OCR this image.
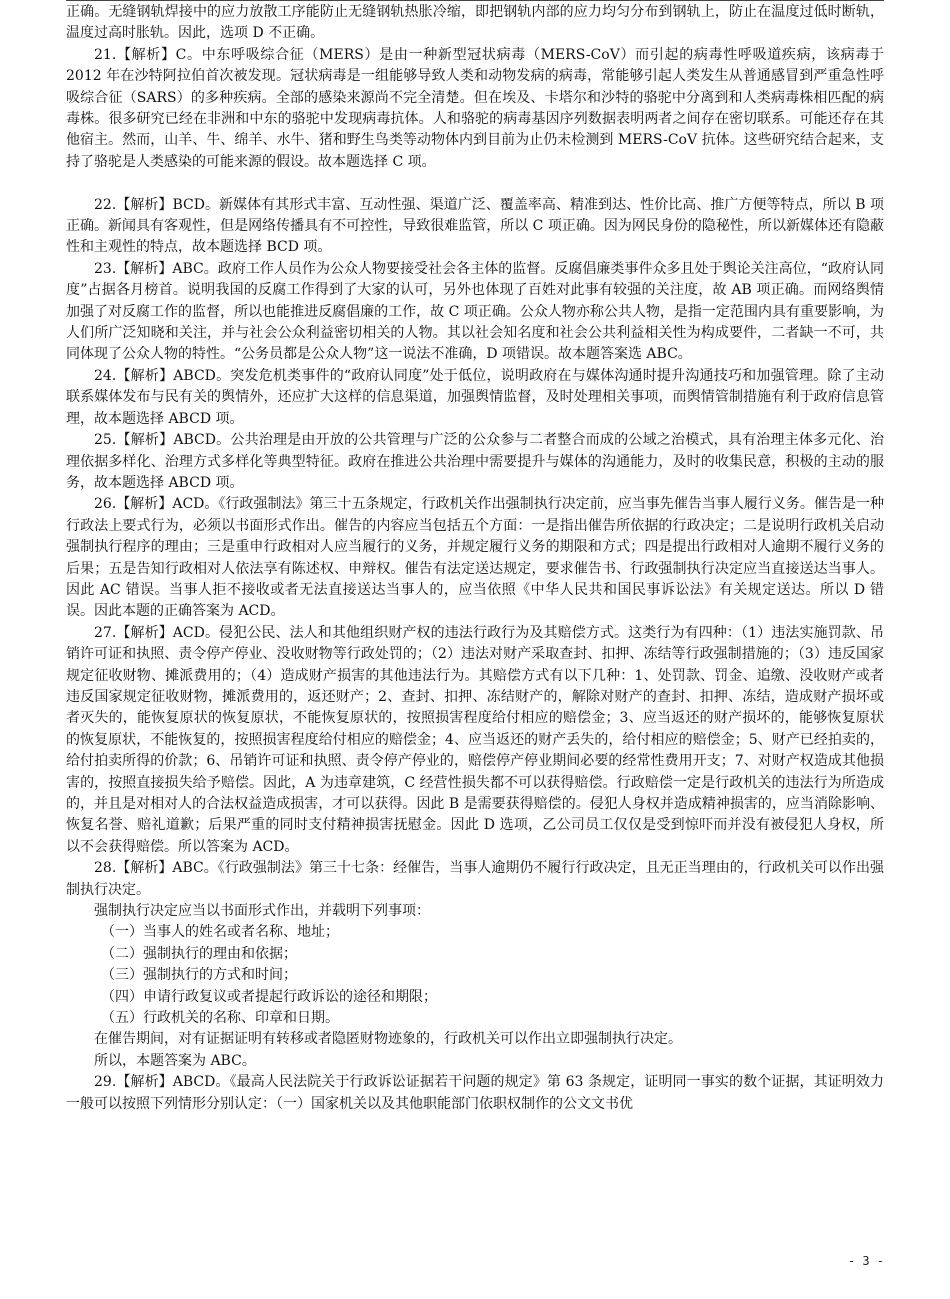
正确。无缝钢轨焊接中的应力放散工序能防止无缝钢轨热胀冷缩，即把钢轨内部的应力均匀分布到钢轨上，防止在温度过低时断轨，温度过高时胀轨。因此，选项 D 不正确。

21.【解析】C。中东呼吸综合征（MERS）是由一种新型冠状病毒（MERS-CoV）而引起的病毒性呼吸道疾病，该病毒于 2012 年在沙特阿拉伯首次被发现。冠状病毒是一组能够导致人类和动物发病的病毒，常能够引起人类发生从普通感冒到严重急性呼吸综合征（SARS）的多种疾病。全部的感染来源尚不完全清楚。但在埃及、卡塔尔和沙特的骆驼中分离到和人类病毒株相匹配的病毒株。很多研究已经在非洲和中东的骆驼中发现病毒抗体。人和骆驼的病毒基因序列数据表明两者之间存在密切联系。可能还存在其他宿主。然而，山羊、牛、绵羊、水牛、猪和野生鸟类等动物体内到目前为止仍未检测到 MERS-CoV 抗体。这些研究结合起来，支持了骆驼是人类感染的可能来源的假设。故本题选择 C 项。

22.【解析】BCD。新媒体有其形式丰富、互动性强、渠道广泛、覆盖率高、精准到达、性价比高、推广方便等特点，所以 B 项正确。新闻具有客观性，但是网络传播具有不可控性，导致很难监管，所以 C 项正确。因为网民身份的隐秘性，所以新媒体还有隐蔽性和主观性的特点，故本题选择 BCD 项。

23.【解析】ABC。政府工作人员作为公众人物要接受社会各主体的监督。反腐倡廉类事件众多且处于舆论关注高位，“政府认同度”占据各月榜首。说明我国的反腐工作得到了大家的认可，另外也体现了百姓对此事有较强的关注度，故 AB 项正确。而网络舆情加强了对反腐工作的监督，所以也能推进反腐倡廉的工作，故 C 项正确。公众人物亦称公共人物，是指一定范围内具有重要影响，为人们所广泛知晓和关注，并与社会公众利益密切相关的人物。其以社会知名度和社会公共利益相关性为构成要件，二者缺一不可，共同体现了公众人物的特性。“公务员都是公众人物”这一说法不准确，D 项错误。故本题答案选 ABC。

24.【解析】ABCD。突发危机类事件的“政府认同度”处于低位，说明政府在与媒体沟通时提升沟通技巧和加强管理。除了主动联系媒体发布与民有关的舆情外，还应扩大这样的信息渠道，加强舆情监督，及时处理相关事项，而舆情管制措施有利于政府信息管理，故本题选择 ABCD 项。

25.【解析】ABCD。公共治理是由开放的公共管理与广泛的公众参与二者整合而成的公域之治模式，具有治理主体多元化、治理依据多样化、治理方式多样化等典型特征。政府在推进公共治理中需要提升与媒体的沟通能力，及时的收集民意，积极的主动的服务，故本题选择 ABCD 项。

26.【解析】ACD。《行政强制法》第三十五条规定，行政机关作出强制执行决定前，应当事先催告当事人履行义务。催告是一种行政法上要式行为，必须以书面形式作出。催告的内容应当包括五个方面：一是指出催告所依据的行政决定；二是说明行政机关启动强制执行程序的理由；三是重申行政相对人应当履行的义务，并规定履行义务的期限和方式；四是提出行政相对人逾期不履行义务的后果；五是告知行政相对人依法享有陈述权、申辩权。催告有法定送达规定，要求催告书、行政强制执行决定应当直接送达当事人。因此 AC 错误。当事人拒不接收或者无法直接送达当事人的，应当依照《中华人民共和国民事诉讼法》有关规定送达。所以 D 错误。因此本题的正确答案为 ACD。

27.【解析】ACD。侵犯公民、法人和其他组织财产权的违法行政行为及其赔偿方式。这类行为有四种：（1）违法实施罚款、吊销许可证和执照、责令停产停业、没收财物等行政处罚的；（2）违法对财产采取查封、扣押、冻结等行政强制措施的；（3）违反国家规定征收财物、摊派费用的；（4）造成财产损害的其他违法行为。其赔偿方式有以下几种：1、处罚款、罚金、追缴、没收财产或者违反国家规定征收财物，摊派费用的，返还财产；2、查封、扣押、冻结财产的，解除对财产的查封、扣押、冻结，造成财产损坏或者灭失的，能恢复原状的恢复原状，不能恢复原状的，按照损害程度给付相应的赔偿金；3、应当返还的财产损坏的，能够恢复原状的恢复原状，不能恢复的，按照损害程度给付相应的赔偿金；4、应当返还的财产丢失的，给付相应的赔偿金；5、财产已经拍卖的，给付拍卖所得的价款；6、吊销许可证和执照、责令停产停业的，赔偿停产停业期间必要的经常性费用开支；7、对财产权造成其他损害的，按照直接损失给予赔偿。因此，A 为违章建筑，C 经营性损失都不可以获得赔偿。行政赔偿一定是行政机关的违法行为所造成的，并且是对相对人的合法权益造成损害，才可以获得。因此 B 是需要获得赔偿的。侵犯人身权并造成精神损害的，应当消除影响、恢复名誉、赔礼道歉；后果严重的同时支付精神损害抚慰金。因此 D 选项，乙公司员工仅仅是受到惊吓而并没有被侵犯人身权，所以不会获得赔偿。所以答案为 ACD。

28.【解析】ABC。《行政强制法》第三十七条：经催告，当事人逾期仍不履行行政决定，且无正当理由的，行政机关可以作出强制执行决定。

强制执行决定应当以书面形式作出，并载明下列事项：

（一）当事人的姓名或者名称、地址；

（二）强制执行的理由和依据；

（三）强制执行的方式和时间；

（四）申请行政复议或者提起行政诉讼的途径和期限；

（五）行政机关的名称、印章和日期。

在催告期间，对有证据证明有转移或者隐匿财物迹象的，行政机关可以作出立即强制执行决定。

所以，本题答案为 ABC。

29.【解析】ABCD。《最高人民法院关于行政诉讼证据若干问题的规定》第 63 条规定，证明同一事实的数个证据，其证明效力一般可以按照下列情形分别认定：（一）国家机关以及其他职能部门依职权制作的公文文书优

- 3 -
